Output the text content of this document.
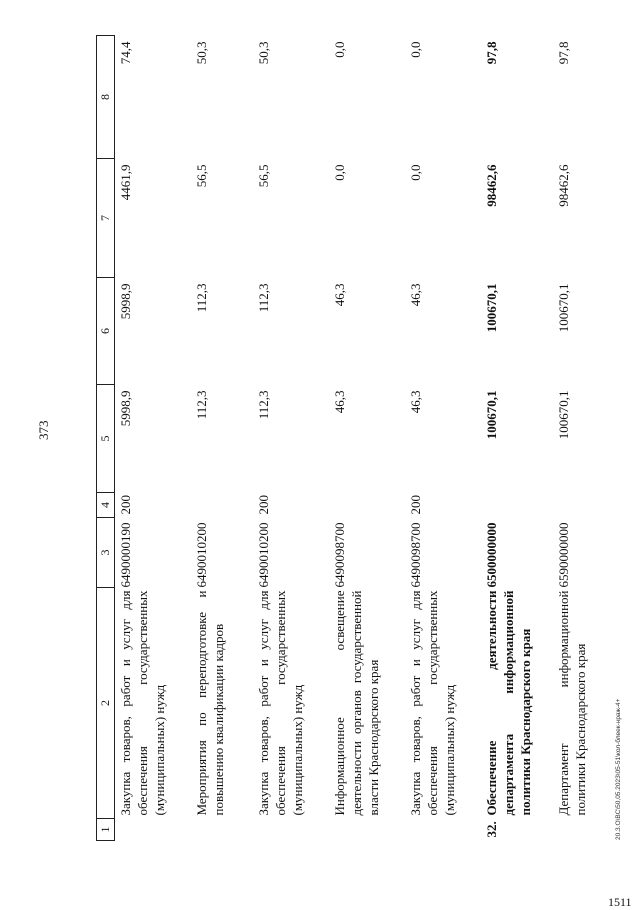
373
20.3.O\BC\50,05.2023\05-51\кол-блеек-нраж-4+
1511
1	2	3	4	5	6	7	8
	Закупка товаров, работ и услуг для обеспечения государственных (муниципальных) нужд	6490000190	200	5998,9	5998,9	4461,9	74,4
	Мероприятия по переподготовке и повышению квалификации кадров	6490010200		112,3	112,3	56,5	50,3
	Закупка товаров, работ и услуг для обеспечения государственных (муниципальных) нужд	6490010200	200	112,3	112,3	56,5	50,3
	Информационное освещение деятельности органов государственной власти Краснодарского края	6490098700		46,3	46,3	0,0	0,0
	Закупка товаров, работ и услуг для обеспечения государственных (муниципальных) нужд	6490098700	200	46,3	46,3	0,0	0,0
32.	Обеспечение деятельности департамента информационной политики Краснодарского края	6500000000		100670,1	100670,1	98462,6	97,8
	Департамент информационной политики Краснодарского края	6590000000		100670,1	100670,1	98462,6	97,8
